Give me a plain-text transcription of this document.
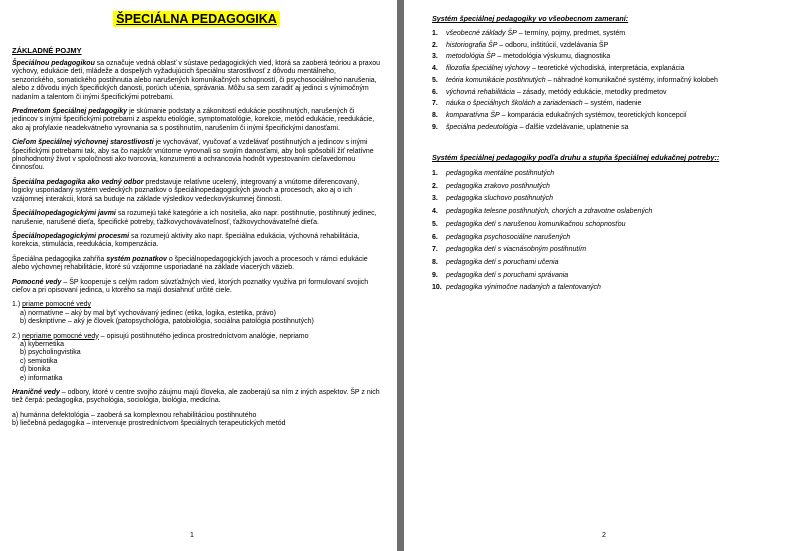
ŠPECIÁLNA PEDAGOGIKA
ZÁKLADNÉ POJMY

Špeciálnou pedagogikou sa označuje vedná oblasť v sústave pedagogických vied, ktorá sa zaoberá teóriou a praxou výchovy, edukácie detí, mládeže a dospelých vyžadujúcich špeciálnu starostlivosť z dôvodu mentálneho, senzorického, somatického postihnutia alebo narušených komunikačných schopností, či psychosociálneho narušenia, alebo z dôvodu iných špecifických danosti, porúch učenia, správania. Môžu sa sem zaradiť aj jedinci s výnimočným nadaním a talentom či inými špecifickými potrebami.

Predmetom špeciálnej pedagogiky je skúmanie podstaty a zákonitostí edukácie postihnutých, narušených či jedincov s inými špecifickými potrebami z aspektu etiológie, symptomatológie, korekcie, metód edukácie, reedukácie, ako aj profylaxie neadekvátneho vyrovnania sa s postihnutím, narušením či inými špecifickými danosťami.

Cieľom špeciálnej výchovnej starostlivosti je vychovávať, vyučovať a vzdelávať postihnutých a jedincov s inými špecifickými potrebami tak, aby sa čo najskôr vnútorne vyrovnali so svojím danosťami, aby boli spôsobilí žiť relatívne plnohodnotný život v spoločnosti ako tvorcovia, konzumenti a ochrancovia hodnôt vypestovaním cieľavedomou činnosťou.

Špeciálna pedagogika ako vedný odbor predstavuje relatívne ucelený, integrovaný a vnútorne diferencovaný, logicky usporiadaný systém vedeckých poznatkov o špeciálnopedagogických javoch a procesoch, ako aj o ich vzájomnej interakcii, ktorá sa buduje na základe výsledkov vedeckovýskumnej činnosti.

Špeciálnopedagogickými javmi sa rozumejú také kategórie a ich nositelia, ako napr. postihnutie, postihnutý jedinec, narušenie, narušené dieťa, špecifické potreby, ťažkovychovávateľnosť, ťažkovychovávateľné dieťa.

Špeciálnopedagogickými procesmi sa rozumejú aktivity ako napr. špeciálna edukácia, výchovná rehabilitácia, korekcia, stimulácia, reedukácia, kompenzácia.

Špeciálna pedagogika zahŕňa systém poznatkov o špeciálnopedagogických javoch a procesoch v rámci edukácie alebo výchovnej rehabilitácie, ktoré sú vzájomne usporiadané na základe viacerých väzieb.

Pomocné vedy – ŠP kooperuje s celým radom súvzťažných vied, ktorých poznatky využíva pri formulovaní svojich cieľov a pri opisovaní jedinca, u ktorého sa majú dosiahnuť určité ciele.

1.) priame pomocné vedy

a) normatívne – aký by mal byť vychovávaný jedinec (etika, logika, estetika, právo)

b) deskriptívne – aký je človek (patopsychológia, patobiológia, sociálna patológia postihnutých)

2.) nepriame pomocné vedy – opisujú postihnutého jedinca prostredníctvom analógie, nepriamo

a) kybernetika

b) psycholingvistika

c) semiotika

d) bionika

e) informatika

Hraničné vedy – odbory, ktoré v centre svojho záujmu majú človeka, ale zaoberajú sa ním z iných aspektov. ŠP z nich tiež čerpá: pedagogika, psychológia, sociológia, biológia, medicína.

a) humánna defektológia – zaoberá sa komplexnou rehabilitáciou postihnutého

b) liečebná pedagogika – intervenuje prostredníctvom špeciálnych terapeutických metód

1

Systém špeciálnej pedagogiky vo všeobecnom zameraní:

1.	všeobecné základy ŠP – termíny, pojmy, predmet, systém
2.	historiografia ŠP – odboru, inštitúcií, vzdelávania ŠP
3.	metodológia ŠP – metodológia výskumu, diagnostika
4.	filozofia špeciálnej výchovy – teoretické východiská, interpretácia, explanácia
5.	teória komunikácie postihnutých – náhradné komunikačné systémy, informačný kolobeh
6.	výchovná rehabilitácia – zásady, metódy edukácie, metodky predmetov
7.	náuka o špeciálnych školách a zariadeniach – systém, riadenie
8.	komparatívna ŠP – komparácia edukačných systémov, teoretických koncepcií
9.	špeciálna pedeutológia – ďalšie vzdelávanie, uplatnenie sa

Systém špeciálnej pedagogiky podľa druhu a stupňa špeciálnej edukačnej potreby::

1.	pedagogika mentálne postihnutých
2.	pedagogika zrakovo postihnutých
3.	pedagogika sluchovo postihnutých
4.	pedagogika telesne postihnutých, chorých a zdravotne oslabených
5.	pedagogika detí s narušenou komunikačnou schopnosťou
6.	pedagogika psychosociálne narušených
7.	pedagogika detí s viacnásobným postihnutím
8.	pedagogika detí s poruchami učenia
9.	pedagogika detí s poruchami správania
10. pedagogika výnimočne nadaných a talentovaných
2
